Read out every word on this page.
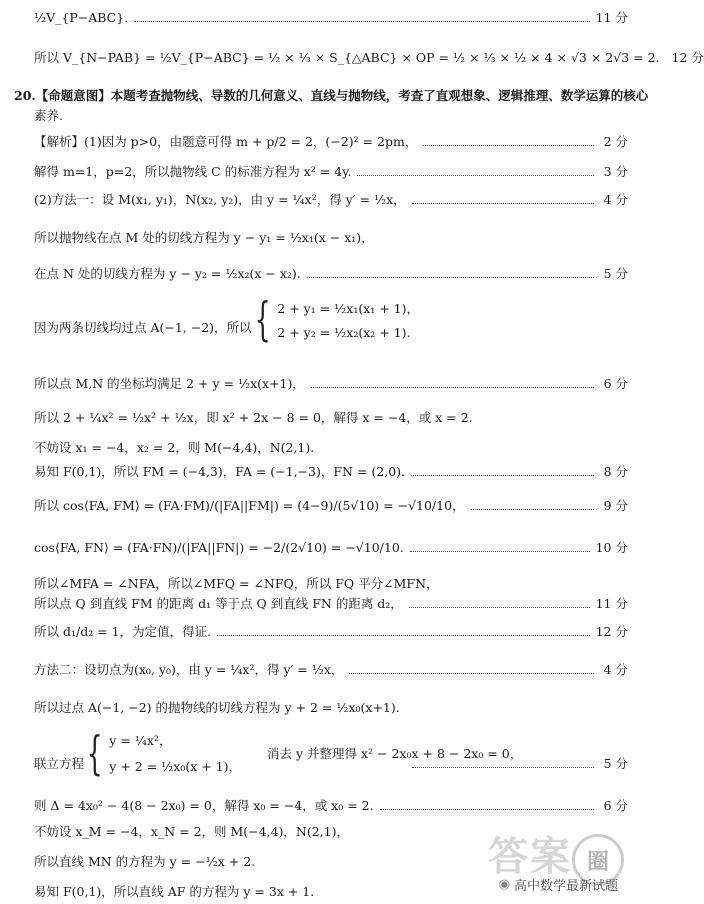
½V_{P−ABC}.	11 分
所以 V_{N−PAB} = ½V_{P−ABC} = ½ × ⅓ × S_{△ABC} × OP = ½ × ⅓ × ½ × 4 × √3 × 2√3 = 2. 12 分
20.【命题意图】本题考查抛物线、导数的几何意义、直线与抛物线，考查了直观想象、逻辑推理、数学运算的核心
素养.
【解析】(1)因为 p>0，由题意可得 m + p/2 = 2，(−2)² = 2pm，	2 分
解得 m=1，p=2，所以抛物线 C 的标准方程为 x² = 4y.	3 分
(2)方法一：设 M(x₁, y₁)，N(x₂, y₂)，由 y = ¼x²，得 y′ = ½x，	4 分
所以抛物线在点 M 处的切线方程为 y − y₁ = ½x₁(x − x₁)，
在点 N 处的切线方程为 y − y₂ = ½x₂(x − x₂).	5 分
因为两条切线均过点 A(−1, −2)，所以 { 2 + y₁ = ½x₁(x₁ + 1)，
2 + y₂ = ½x₂(x₂ + 1).
所以点 M,N 的坐标均满足 2 + y = ½x(x+1)，	6 分
所以 2 + ¼x² = ½x² + ½x，即 x² + 2x − 8 = 0，解得 x = −4，或 x = 2.
不妨设 x₁ = −4，x₂ = 2，则 M(−4,4)，N(2,1).
易知 F(0,1)，所以 FM = (−4,3)，FA = (−1,−3)，FN = (2,0).	8 分
所以 cos⟨FA, FM⟩ = (FA·FM)/(|FA||FM|) = (4−9)/(5√10) = −√10/10，	9 分
cos⟨FA, FN⟩ = (FA·FN)/(|FA||FN|) = −2/(2√10) = −√10/10.	10 分
所以∠MFA = ∠NFA，所以∠MFQ = ∠NFQ，所以 FQ 平分∠MFN，
所以点 Q 到直线 FM 的距离 d₁ 等于点 Q 到直线 FN 的距离 d₂，	11 分
所以 d₁/d₂ = 1，为定值，得证.	12 分
方法二：设切点为(x₀, y₀)，由 y = ¼x²，得 y′ = ½x，	4 分
所以过点 A(−1, −2) 的抛物线的切线方程为 y + 2 = ½x₀(x+1).
联立方程	5 分
{ y = ¼x²，
y + 2 = ½x₀(x + 1)，
消去 y 并整理得 x² − 2x₀x + 8 − 2x₀ = 0，
则 Δ = 4x₀² − 4(8 − 2x₀) = 0，解得 x₀ = −4，或 x₀ = 2.	6 分
不妨设 x_M = −4，x_N = 2，则 M(−4,4)，N(2,1)，
所以直线 MN 的方程为 y = −½x + 2.
易知 F(0,1)，所以直线 AF 的方程为 y = 3x + 1.
答案 圈
◉ 高中数学最新试题
